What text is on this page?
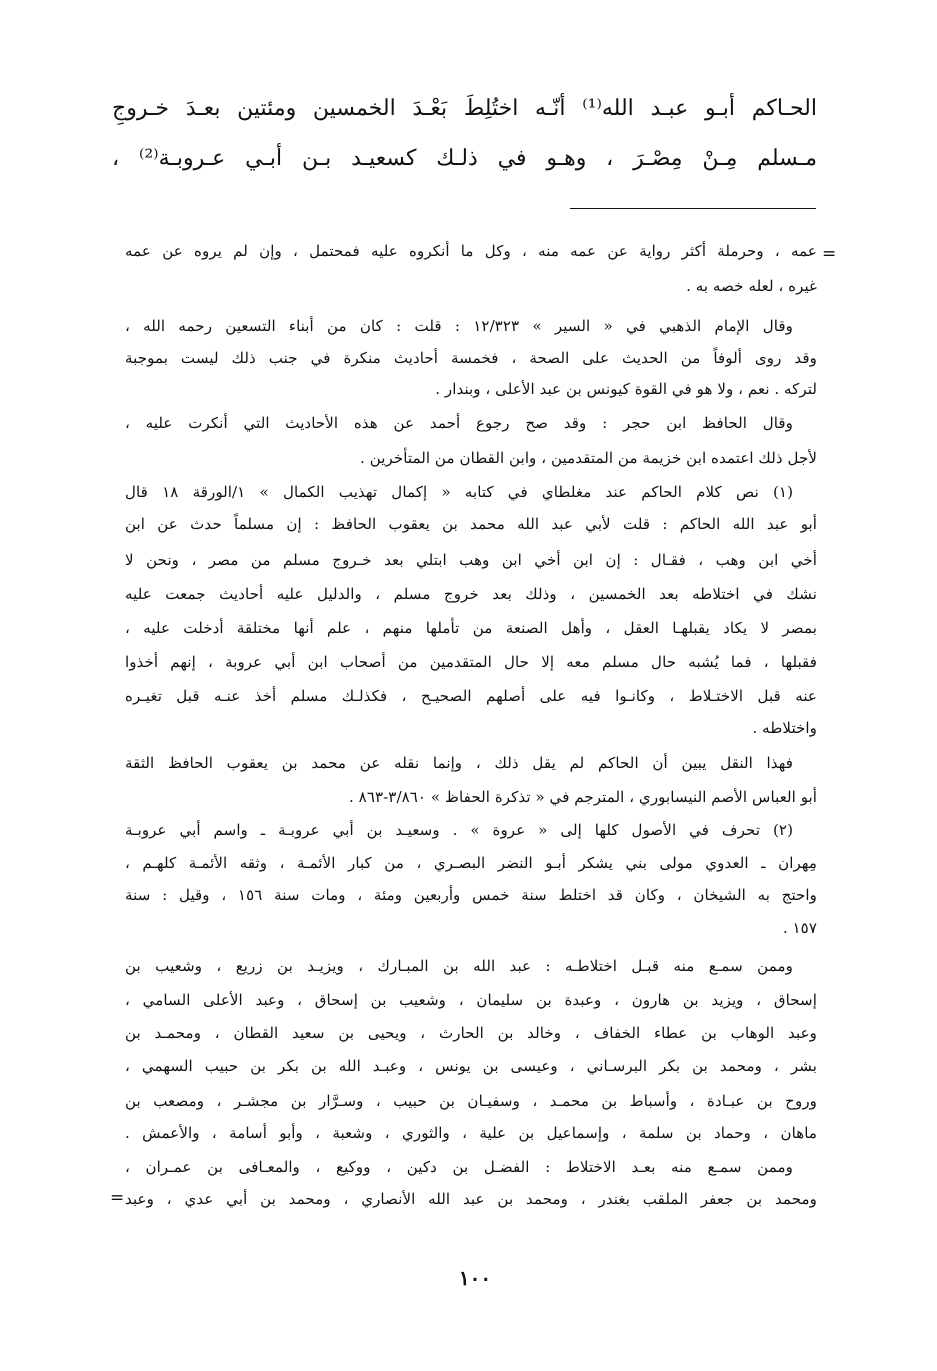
الحـاكم أبـو عبـد الله⁽¹⁾ أنّـه اختُلِطَ بَعْـدَ الخمسين ومئتين بعـدَ خـروجِ
مـسلم مِـنْ مِصْـرَ ، وهـو في ذلـك كسعيـد بـن أبـي عـروبـة⁽²⁾ ،
=
عمه ، وحرملة أكثر رواية عن عمه منه ، وكل ما أنكروه عليه فمحتمل ، وإن لم يروه عن عمه
غيره ، لعله خصه به .
وقال الإمام الذهبي في « السير » ١٢/٣٢٣ : قلت : كان من أبناء التسعين رحمه الله ،
وقد روى ألوفاً من الحديث على الصحة ، فخمسة أحاديث منكرة في جنب ذلك ليست بموجبة
لتركه . نعم ، ولا هو في القوة كيونس بن عبد الأعلى ، وبندار .
وقال الحافظ ابن حجر : وقد صح رجوع أحمد عن هذه الأحاديث التي أنكرت عليه ،
لأجل ذلك اعتمده ابن خزيمة من المتقدمين ، وابن القطان من المتأخرين .
(١) نص كلام الحاكم عند مغلطاي في كتابه « إكمال تهذيب الكمال » ١/الورقة ١٨ قال
أبو عبد الله الحاكم : قلت لأبي عبد الله محمد بن يعقوب الحافظ : إن مسلماً حدث عن ابن
أخي ابن وهب ، فقـال : إن ابن أخي ابن وهب ابتلي بعد خـروج مسلم من مصر ، ونحن لا
نشك في اختلاطه بعد الخمسين ، وذلك بعد خروج مسلم ، والدليل عليه أحاديث جمعت عليه
بمصر لا يكاد يقبلهـا العقل ، وأهل الصنعة من تأملها منهم ، علم أنها مختلقة أدخلت عليه ،
فقبلها ، فما يُشبه حال مسلم معه إلا حال المتقدمين من أصحاب ابن أبي عروبة ، إنهم أخذوا
عنه قبل الاختـلاط ، وكانـوا فيه على أصلهم الصحيـح ، فكذلـك مسلم أخذ عنـه قبل تغيـره
واختلاطه .
فهذا النقل يبين أن الحاكم لم يقل ذلك ، وإنما نقله عن محمد بن يعقوب الحافظ الثقة
أبو العباس الأصم النيسابوري ، المترجم في « تذكرة الحفاظ » ٣/٨٦٠-٨٦٣ .
(٢) تحرف في الأصول كلها إلى « عروة » . وسعيـد بن أبي عروبـة ـ واسم أبي عروبـة
مِهران ـ العدوي مولى بني يشكر أبـو النضر البصـري ، من كبار الأئمـة ، وثقه الأئمـة كلهـم ،
واحتج به الشيخان ، وكان قد اختلط سنة خمس وأربعين ومئة ، ومات سنة ١٥٦ ، وقيل : سنة
١٥٧ .
وممن سمـع منه قبـل اختلاطـه : عبد الله بن المبـارك ، ويزيـد بن زريع ، وشعيب بن
إسحاق ، ويزيد بن هارون ، وعبدة بن سليمان ، وشعيب بن إسحاق ، وعبد الأعلى السامي ،
وعبد الوهاب بن عطاء الخفاف ، وخالد بن الحارث ، ويحيى بن سعيد القطان ، ومحمـد بن
بشر ، ومحمد بن بكر البرسـاني ، وعيسى بن يونس ، وعبـد الله بن بكر بن حبيب السهمي ،
وروح بن عبـادة ، وأسباط بن محمـد ، وسفيـان بن حبيب ، وسـرَّار بن مجشـر ، ومصعب بن
ماهان ، وحماد بن سلمة ، وإسماعيل بن علية ، والثوري ، وشعبة ، وأبو أسامة ، والأعمش .
وممن سمـع منه بعـد الاختلاط : الفضـل بن دكين ، ووكيع ، والمعـافى بن عمـران ،
ومحمد بن جعفر الملقب بغندر ، ومحمد بن عبد الله الأنصاري ، ومحمد بن أبي عدي ، وعبد
=
١٠٠
